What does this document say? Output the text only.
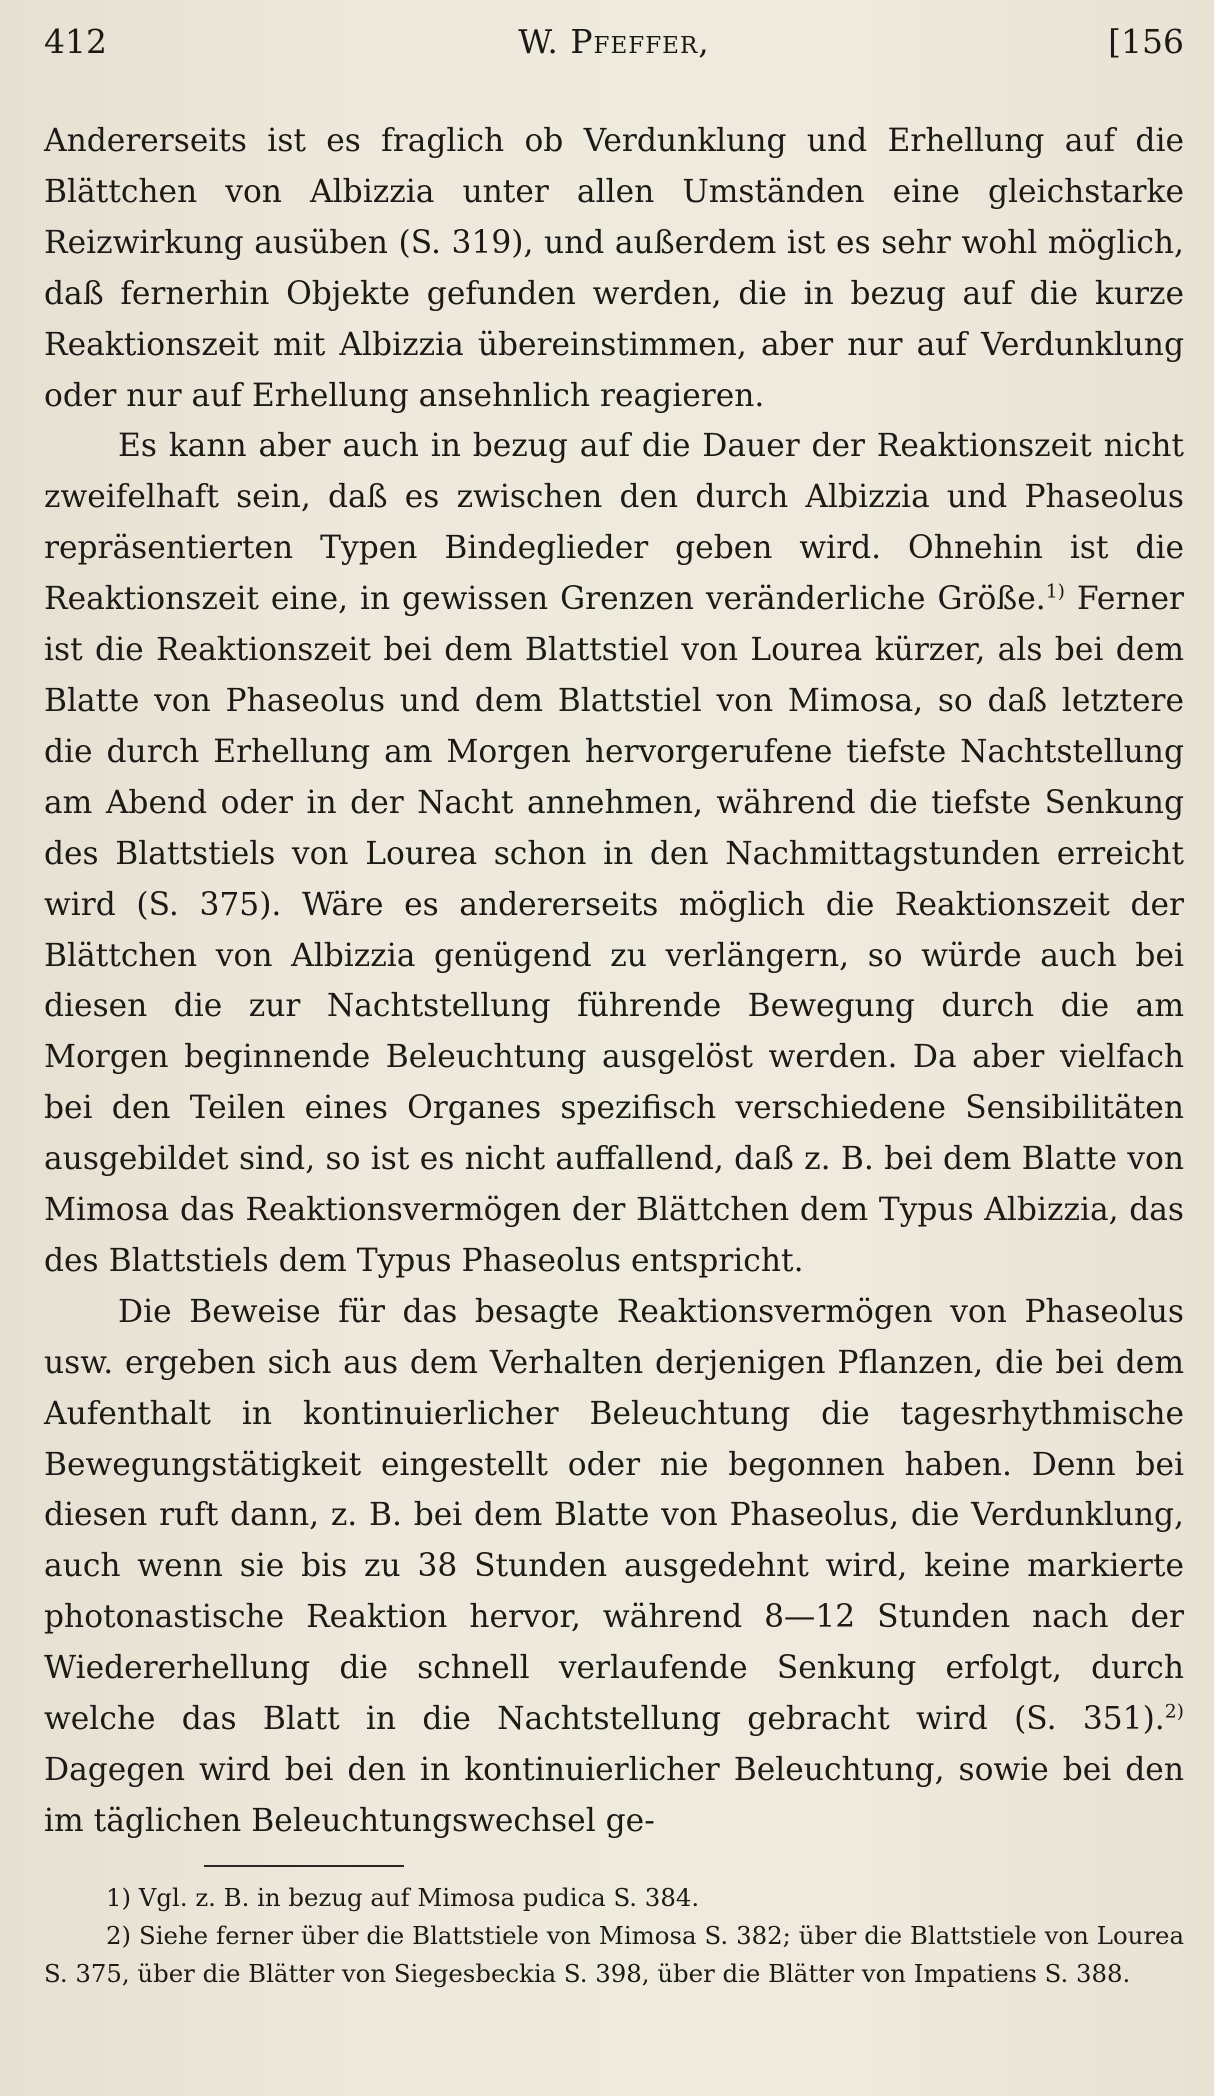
412	W. Pfeffer,	[156

Andererseits ist es fraglich ob Verdunklung und Erhellung auf die Blättchen von Albizzia unter allen Umständen eine gleichstarke Reizwirkung ausüben (S. 319), und außerdem ist es sehr wohl möglich, daß fernerhin Objekte gefunden werden, die in bezug auf die kurze Reaktionszeit mit Albizzia übereinstimmen, aber nur auf Verdunklung oder nur auf Erhellung ansehnlich reagieren.

Es kann aber auch in bezug auf die Dauer der Reaktionszeit nicht zweifelhaft sein, daß es zwischen den durch Albizzia und Phaseolus repräsentierten Typen Bindeglieder geben wird. Ohnehin ist die Reaktionszeit eine, in gewissen Grenzen veränderliche Größe.$^{1)}$ Ferner ist die Reaktionszeit bei dem Blattstiel von Lourea kürzer, als bei dem Blatte von Phaseolus und dem Blattstiel von Mimosa, so daß letztere die durch Erhellung am Morgen hervorgerufene tiefste Nachtstellung am Abend oder in der Nacht annehmen, während die tiefste Senkung des Blattstiels von Lourea schon in den Nachmittagstunden erreicht wird (S. 375). Wäre es andererseits möglich die Reaktionszeit der Blättchen von Albizzia genügend zu verlängern, so würde auch bei diesen die zur Nachtstellung führende Bewegung durch die am Morgen beginnende Beleuchtung ausgelöst werden. Da aber vielfach bei den Teilen eines Organes spezifisch verschiedene Sensibilitäten ausgebildet sind, so ist es nicht auffallend, daß z. B. bei dem Blatte von Mimosa das Reaktionsvermögen der Blättchen dem Typus Albizzia, das des Blattstiels dem Typus Phaseolus entspricht.

Die Beweise für das besagte Reaktionsvermögen von Phaseolus usw. ergeben sich aus dem Verhalten derjenigen Pflanzen, die bei dem Aufenthalt in kontinuierlicher Beleuchtung die tagesrhythmische Bewegungstätigkeit eingestellt oder nie begonnen haben. Denn bei diesen ruft dann, z. B. bei dem Blatte von Phaseolus, die Verdunklung, auch wenn sie bis zu 38 Stunden ausgedehnt wird, keine markierte photonastische Reaktion hervor, während 8—12 Stunden nach der Wiedererhellung die schnell verlaufende Senkung erfolgt, durch welche das Blatt in die Nachtstellung gebracht wird (S. 351).$^{2)}$ Dagegen wird bei den in kontinuierlicher Beleuchtung, sowie bei den im täglichen Beleuchtungswechsel ge-

1) Vgl. z. B. in bezug auf Mimosa pudica S. 384.

2) Siehe ferner über die Blattstiele von Mimosa S. 382; über die Blattstiele von Lourea S. 375, über die Blätter von Siegesbeckia S. 398, über die Blätter von Impatiens S. 388.
